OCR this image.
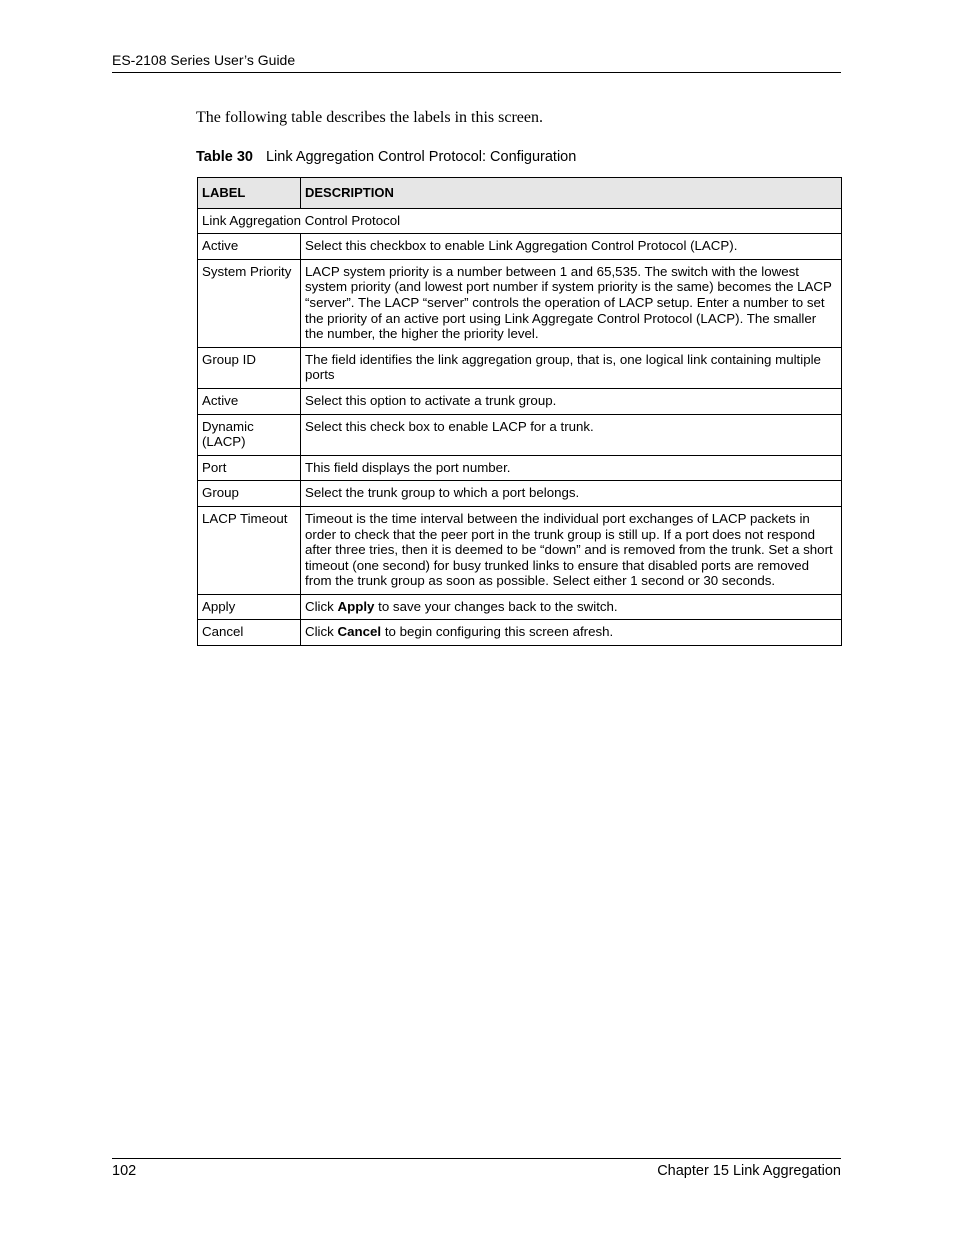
ES-2108 Series User’s Guide
The following table describes the labels in this screen.
Table 30 Link Aggregation Control Protocol: Configuration
LABEL	DESCRIPTION
Link Aggregation Control Protocol	
Active	Select this checkbox to enable Link Aggregation Control Protocol (LACP).
System Priority	LACP system priority is a number between 1 and 65,535. The switch with the lowest system priority (and lowest port number if system priority is the same) becomes the LACP “server”. The LACP “server” controls the operation of LACP setup. Enter a number to set the priority of an active port using Link Aggregate Control Protocol (LACP). The smaller the number, the higher the priority level.
Group ID	The field identifies the link aggregation group, that is, one logical link containing multiple ports
Active	Select this option to activate a trunk group.
Dynamic (LACP)	Select this check box to enable LACP for a trunk.
Port	This field displays the port number.
Group	Select the trunk group to which a port belongs.
LACP Timeout	Timeout is the time interval between the individual port exchanges of LACP packets in order to check that the peer port in the trunk group is still up. If a port does not respond after three tries, then it is deemed to be “down” and is removed from the trunk. Set a short timeout (one second) for busy trunked links to ensure that disabled ports are removed from the trunk group as soon as possible. Select either 1 second or 30 seconds.
Apply	Click Apply to save your changes back to the switch.
Cancel	Click Cancel to begin configuring this screen afresh.
102	Chapter 15 Link Aggregation
